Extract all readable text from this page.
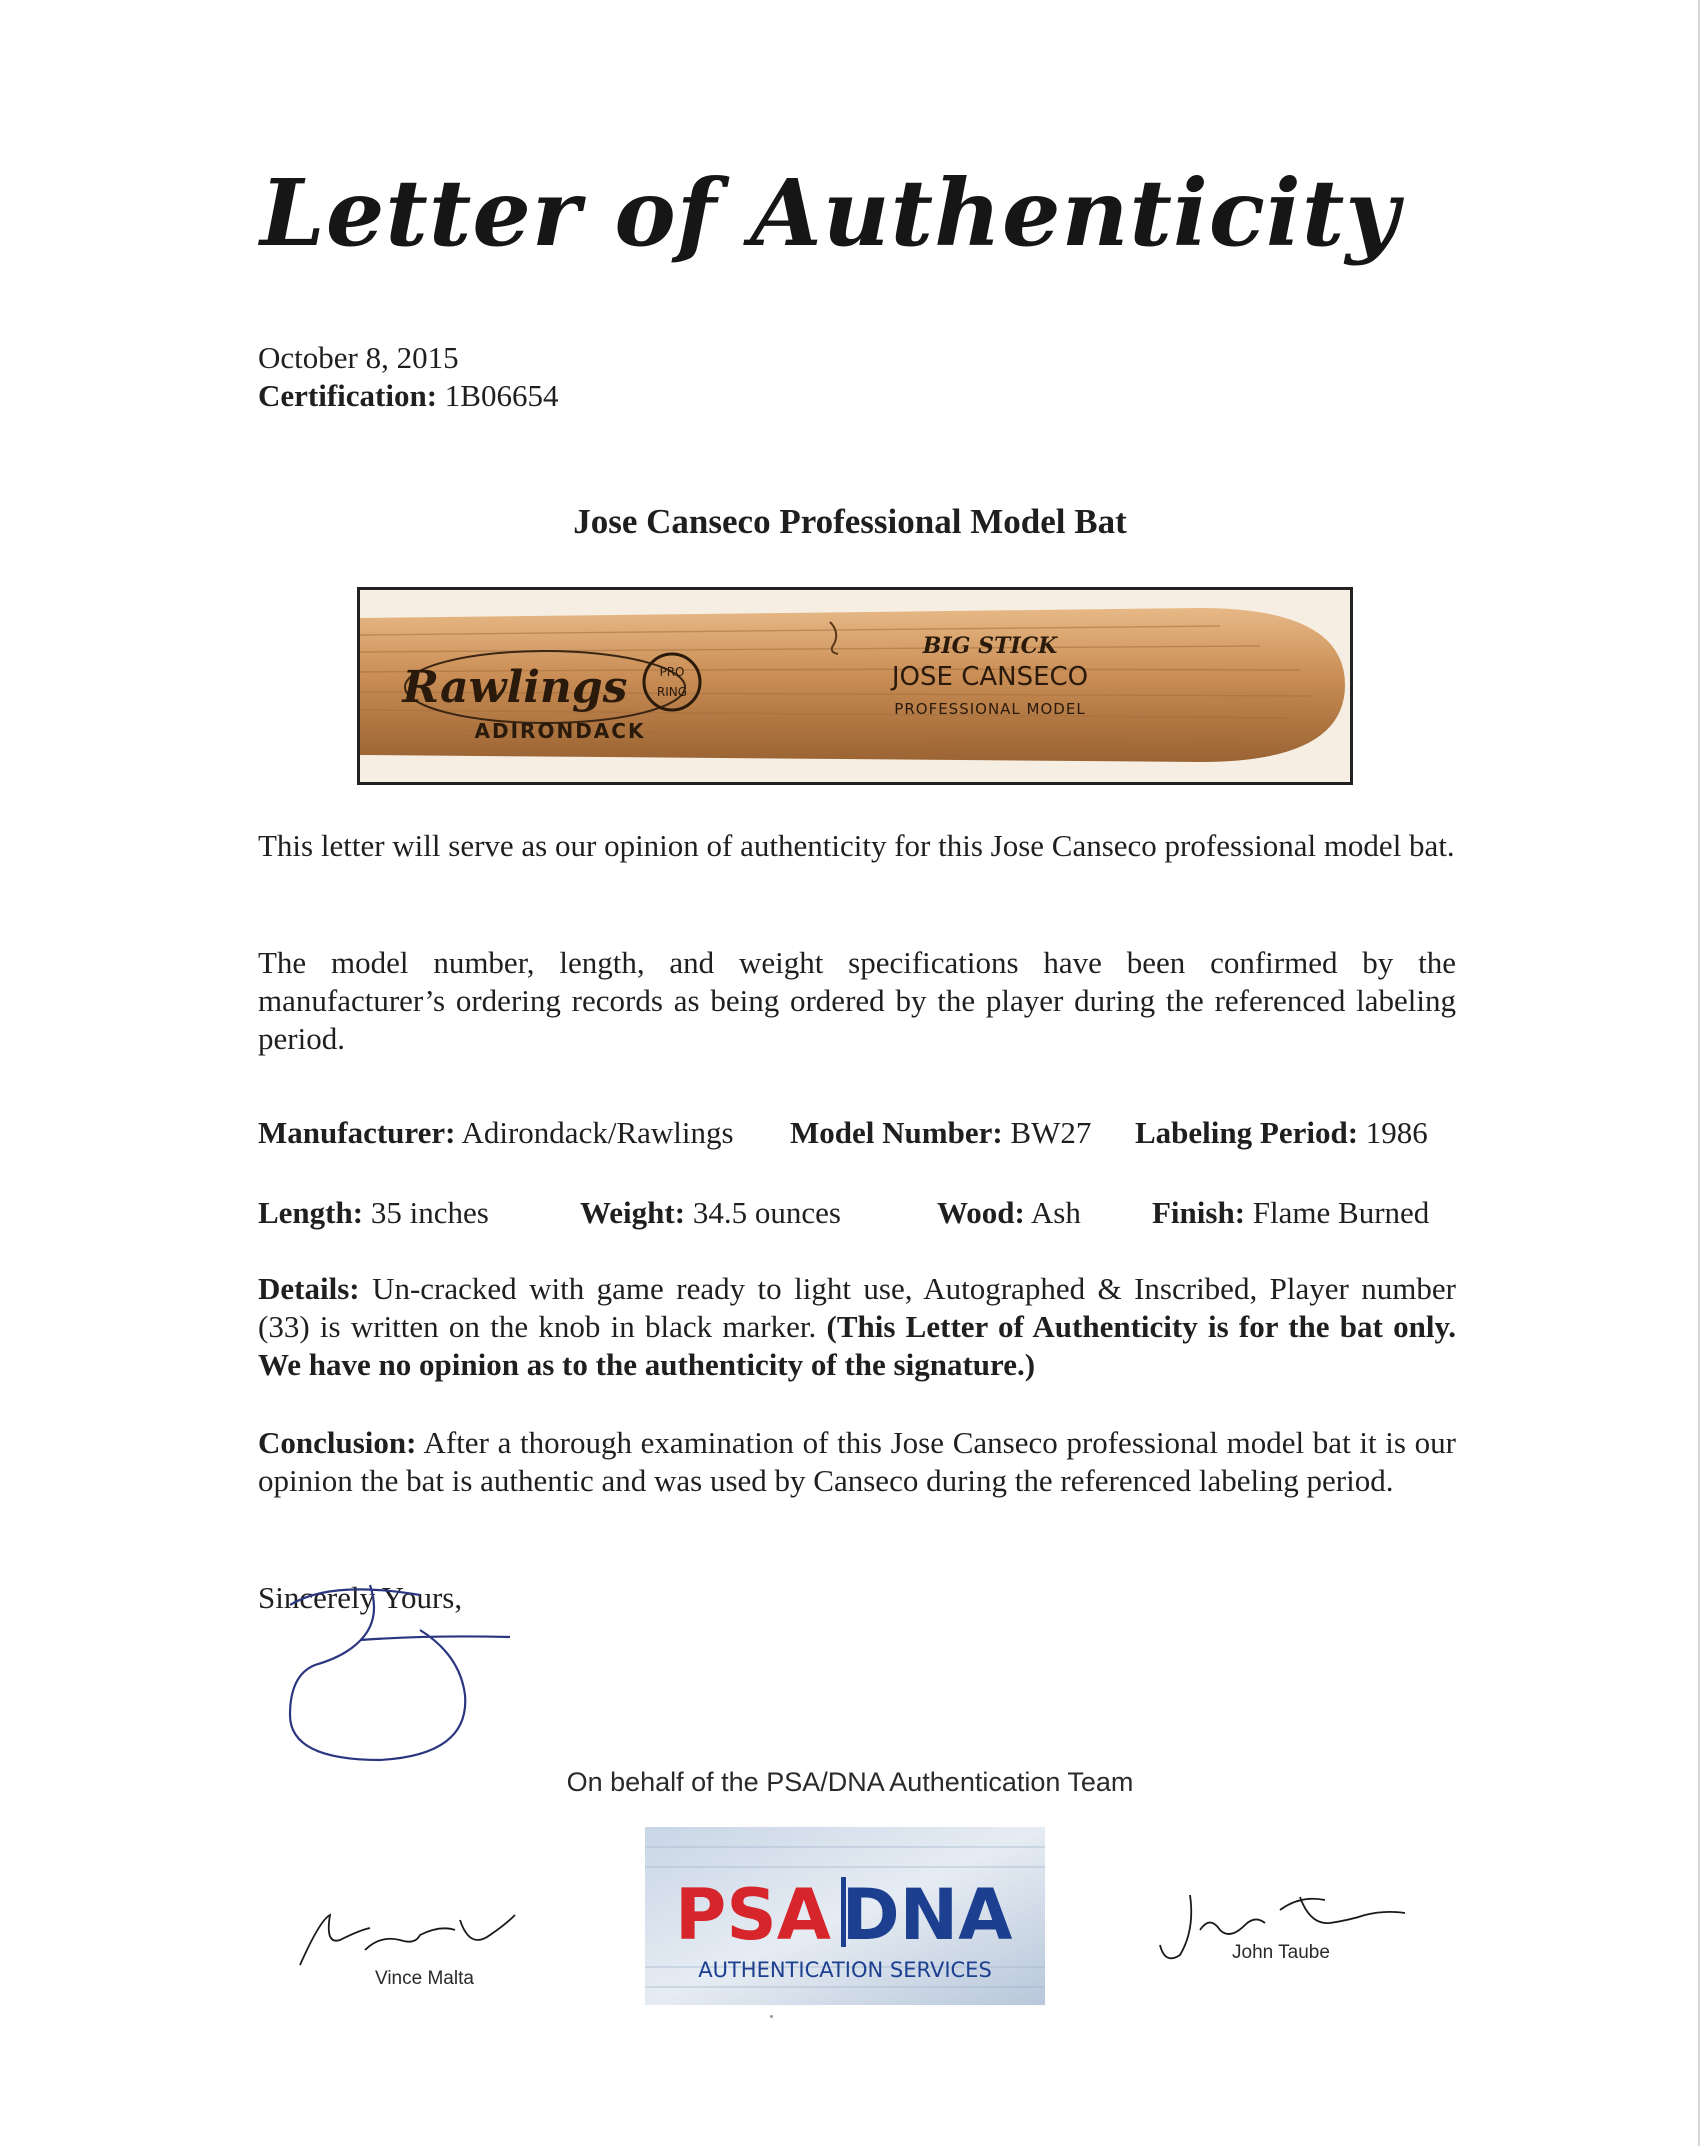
Letter of Authenticity
October 8, 2015
Certification: 1B06654
Jose Canseco Professional Model Bat
Rawlings	PRO
RING
ADIRONDACK
BIG STICK
JOSE CANSECO
PROFESSIONAL MODEL
This letter will serve as our opinion of authenticity for this Jose Canseco professional model bat.
The model number, length, and weight specifications have been confirmed by the manufacturer’s ordering records as being ordered by the player during the referenced labeling period.
Manufacturer: Adirondack/Rawlings Model Number: BW27 Labeling Period: 1986
Length: 35 inches	Weight: 34.5 ounces	Wood: Ash Finish: Flame Burned
Details: Un-cracked with game ready to light use, Autographed & Inscribed, Player number (33) is written on the knob in black marker. (This Letter of Authenticity is for the bat only. We have no opinion as to the authenticity of the signature.)
Conclusion: After a thorough examination of this Jose Canseco professional model bat it is our opinion the bat is authentic and was used by Canseco during the referenced labeling period.
Sincerely Yours,
On behalf of the PSA/DNA Authentication Team
Vince Malta
PSA DNA
AUTHENTICATION SERVICES
John Taube
